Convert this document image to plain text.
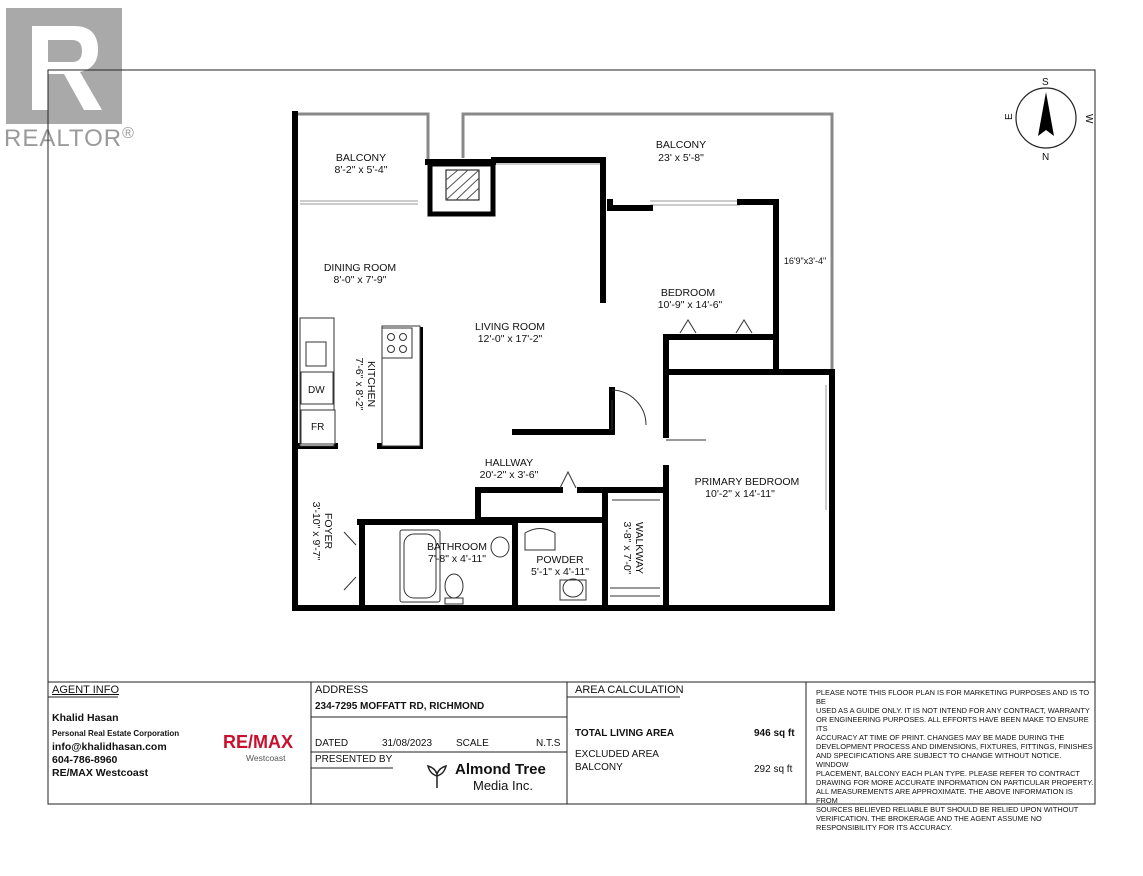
REALTOR®
DW
FR
S
N
E	W
BALCONY
8'-2" x 5'-4"
BALCONY
23' x 5'-8"
16'9"x3'-4"
DINING ROOM
8'-0" x 7'-9"
LIVING ROOM
12'-0" x 17'-2"
BEDROOM
10'-9" x 14'-6"
KITCHEN
7'-6" x 8'-2"
HALLWAY
20'-2" x 3'-6"
PRIMARY BEDROOM
10'-2" x 14'-11"
FOYER
3'-10" x 9'-7"	BATHROOM
7'-8" x 4'-11"	POWDER
5'-1" x 4'-11"	WALKWAY
3'-8" x 7'-0"
AGENT INFO
Khalid Hasan
Personal Real Estate Corporation
info@khalidhasan.com
604-786-8960
RE/MAX Westcoast
RE/MAX
Westcoast
ADDRESS
234-7295 MOFFATT RD, RICHMOND
DATED	31/08/2023 SCALE	N.T.S
PRESENTED BY
Almond Tree
Media Inc.
AREA CALCULATION
TOTAL LIVING AREA	946 sq ft
EXCLUDED AREA
BALCONY	292 sq ft
PLEASE NOTE THIS FLOOR PLAN IS FOR MARKETING PURPOSES AND IS TO BE
USED AS A GUIDE ONLY. IT IS NOT INTEND FOR ANY CONTRACT, WARRANTY
OR ENGINEERING PURPOSES. ALL EFFORTS HAVE BEEN MAKE TO ENSURE ITS
ACCURACY AT TIME OF PRINT. CHANGES MAY BE MADE DURING THE
DEVELOPMENT PROCESS AND DIMENSIONS, FIXTURES, FITTINGS, FINISHES
AND SPECIFICATIONS ARE SUBJECT TO CHANGE WITHOUT NOTICE. WINDOW
PLACEMENT, BALCONY EACH PLAN TYPE. PLEASE REFER TO CONTRACT
DRAWING FOR MORE ACCURATE INFORMATION ON PARTICULAR PROPERTY.
ALL MEASUREMENTS ARE APPROXIMATE. THE ABOVE INFORMATION IS FROM
SOURCES BELIEVED RELIABLE BUT SHOULD BE RELIED UPON WITHOUT
VERIFICATION. THE BROKERAGE AND THE AGENT ASSUME NO
RESPONSIBILITY FOR ITS ACCURACY.
